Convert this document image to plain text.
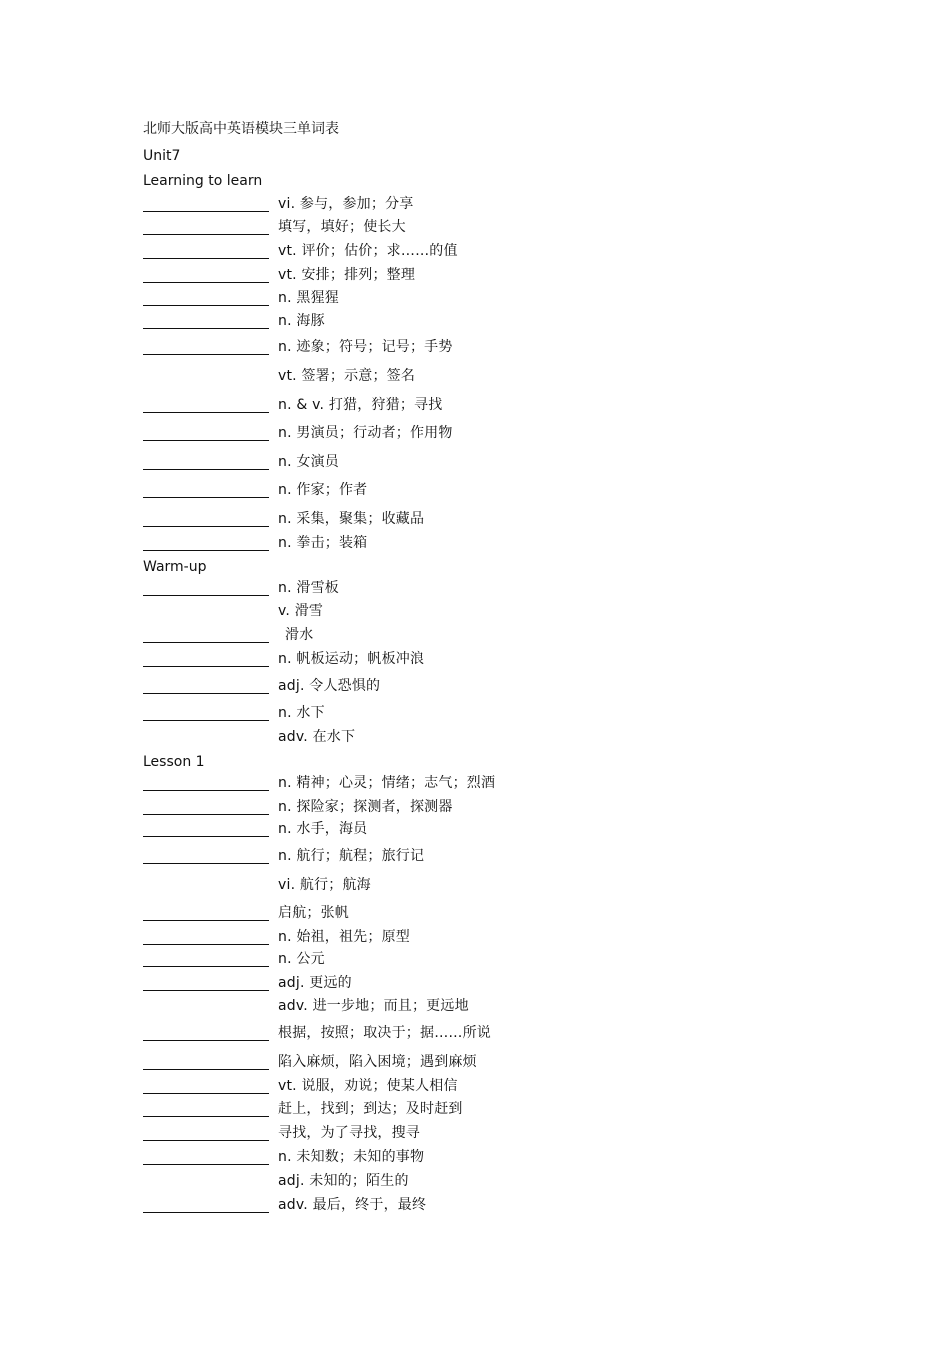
北师大版高中英语模块三单词表
Unit7
Learning to learn
vi. 参与，参加；分享
填写，填好；使长大
vt. 评价；估价；求……的值
vt. 安排；排列；整理
n. 黑猩猩
n. 海豚
n. 迹象；符号；记号；手势
vt. 签署；示意；签名
n. & v. 打猎，狩猎；寻找
n. 男演员；行动者；作用物
n. 女演员
n. 作家；作者
n. 采集，聚集；收藏品
n. 拳击；装箱
Warm-up
n. 滑雪板
v. 滑雪
滑水
n. 帆板运动；帆板冲浪
adj. 令人恐惧的
n. 水下
adv. 在水下
Lesson 1
n. 精神；心灵；情绪；志气；烈酒
n. 探险家；探测者，探测器
n. 水手，海员
n. 航行；航程；旅行记
vi. 航行；航海
启航；张帆
n. 始祖，祖先；原型
n. 公元
adj. 更远的
adv. 进一步地；而且；更远地
根据，按照；取决于；据……所说
陷入麻烦，陷入困境；遇到麻烦
vt. 说服，劝说；使某人相信
赶上，找到；到达；及时赶到
寻找，为了寻找，搜寻
n. 未知数；未知的事物
adj. 未知的；陌生的
adv. 最后，终于，最终
